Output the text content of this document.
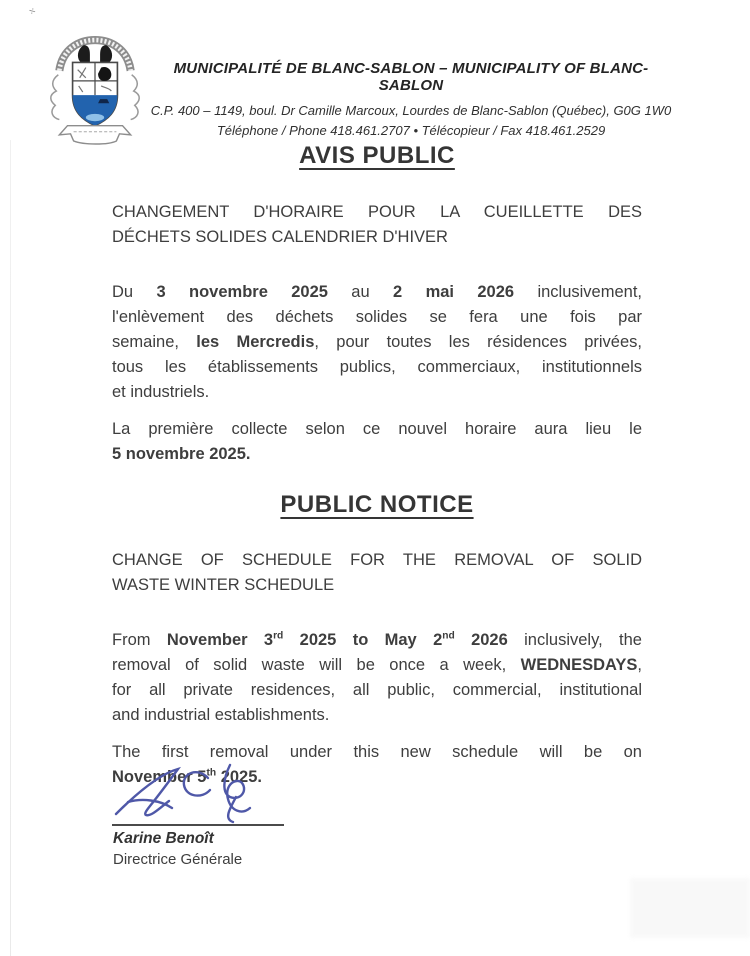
÷
MUNICIPALITÉ DE BLANC-SABLON – MUNICIPALITY OF BLANC-SABLON
C.P. 400 – 1149, boul. Dr Camille Marcoux, Lourdes de Blanc-Sablon (Québec), G0G 1W0
Téléphone / Phone 418.461.2707 • Télécopieur / Fax 418.461.2529
AVIS PUBLIC
CHANGEMENT D'HORAIRE POUR LA CUEILLETTE DES
DÉCHETS SOLIDES CALENDRIER D'HIVER
Du 3 novembre 2025 au 2 mai 2026 inclusivement,
l'enlèvement des déchets solides se fera une fois par
semaine, les Mercredis, pour toutes les résidences privées,
tous les établissements publics, commerciaux, institutionnels
et industriels.
La première collecte selon ce nouvel horaire aura lieu le
5 novembre 2025.
PUBLIC NOTICE
CHANGE OF SCHEDULE FOR THE REMOVAL OF SOLID
WASTE WINTER SCHEDULE
From November 3rd 2025 to May 2nd 2026 inclusively, the
removal of solid waste will be once a week, WEDNESDAYS,
for all private residences, all public, commercial, institutional
and industrial establishments.
The first removal under this new schedule will be on
November 5th 2025.
Karine Benoît
Directrice Générale
